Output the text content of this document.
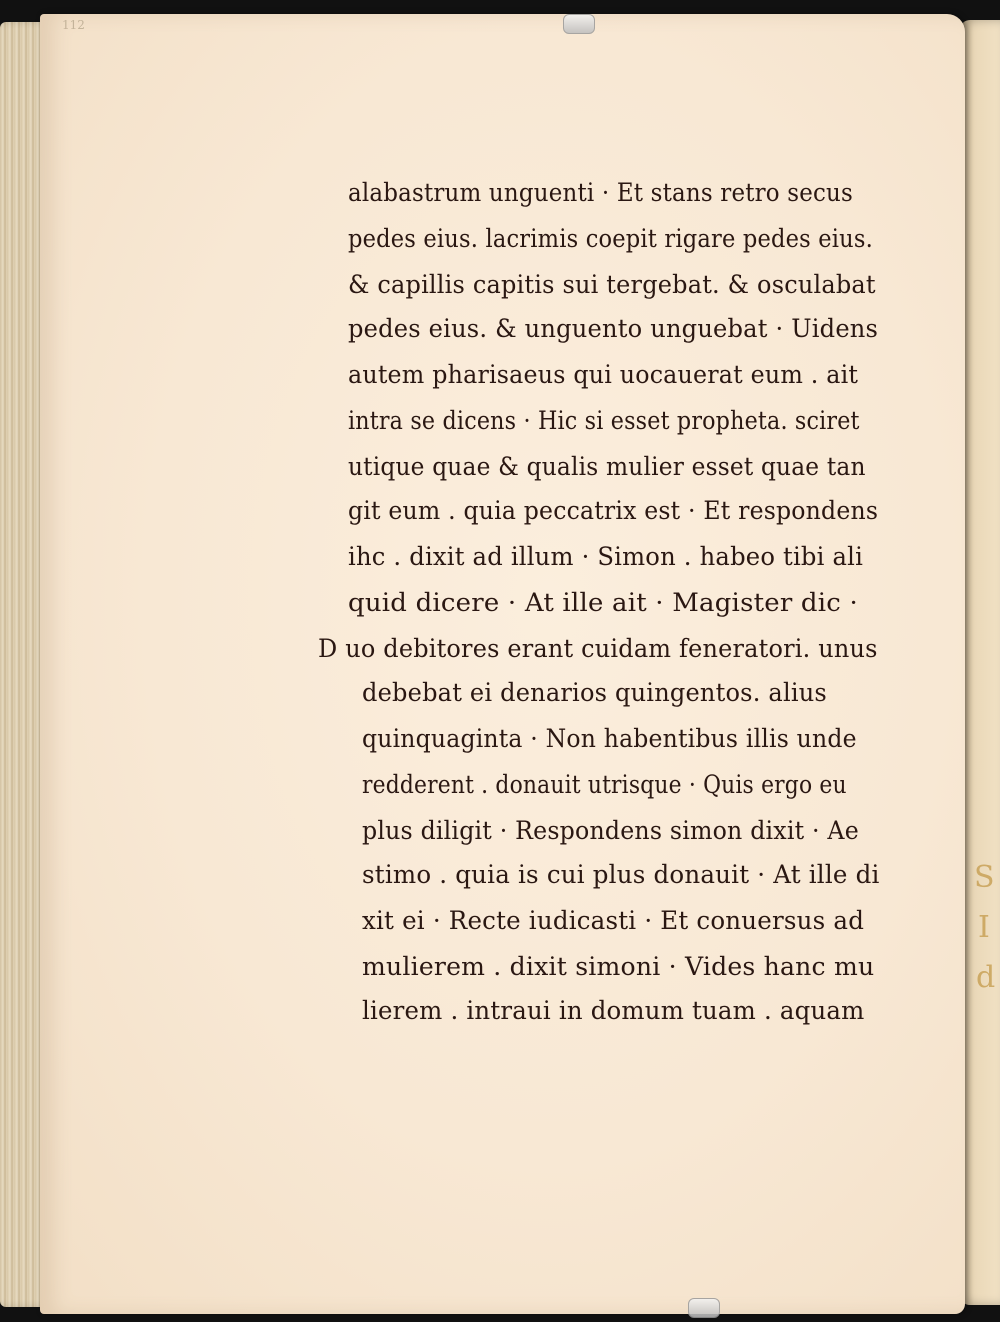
S
I
d
112
alabastrum unguenti · Et stans retro secus
pedes eius. lacrimis coepit rigare pedes eius.
& capillis capitis sui tergebat. & osculabat
pedes eius. & unguento unguebat · Uidens
autem pharisaeus qui uocauerat eum . ait
intra se dicens · Hic si esset propheta. sciret
utique quae & qualis mulier esset quae tan
git eum . quia peccatrix est · Et respondens
ihc . dixit ad illum · Simon . habeo tibi ali
quid dicere · At ille ait · Magister dic ·
D uo debitores erant cuidam feneratori. unus
debebat ei denarios quingentos. alius
quinquaginta · Non habentibus illis unde
redderent . donauit utrisque · Quis ergo eu
plus diligit · Respondens simon dixit · Ae
stimo . quia is cui plus donauit · At ille di
xit ei · Recte iudicasti · Et conuersus ad
mulierem . dixit simoni · Vides hanc mu
lierem . intraui in domum tuam . aquam
